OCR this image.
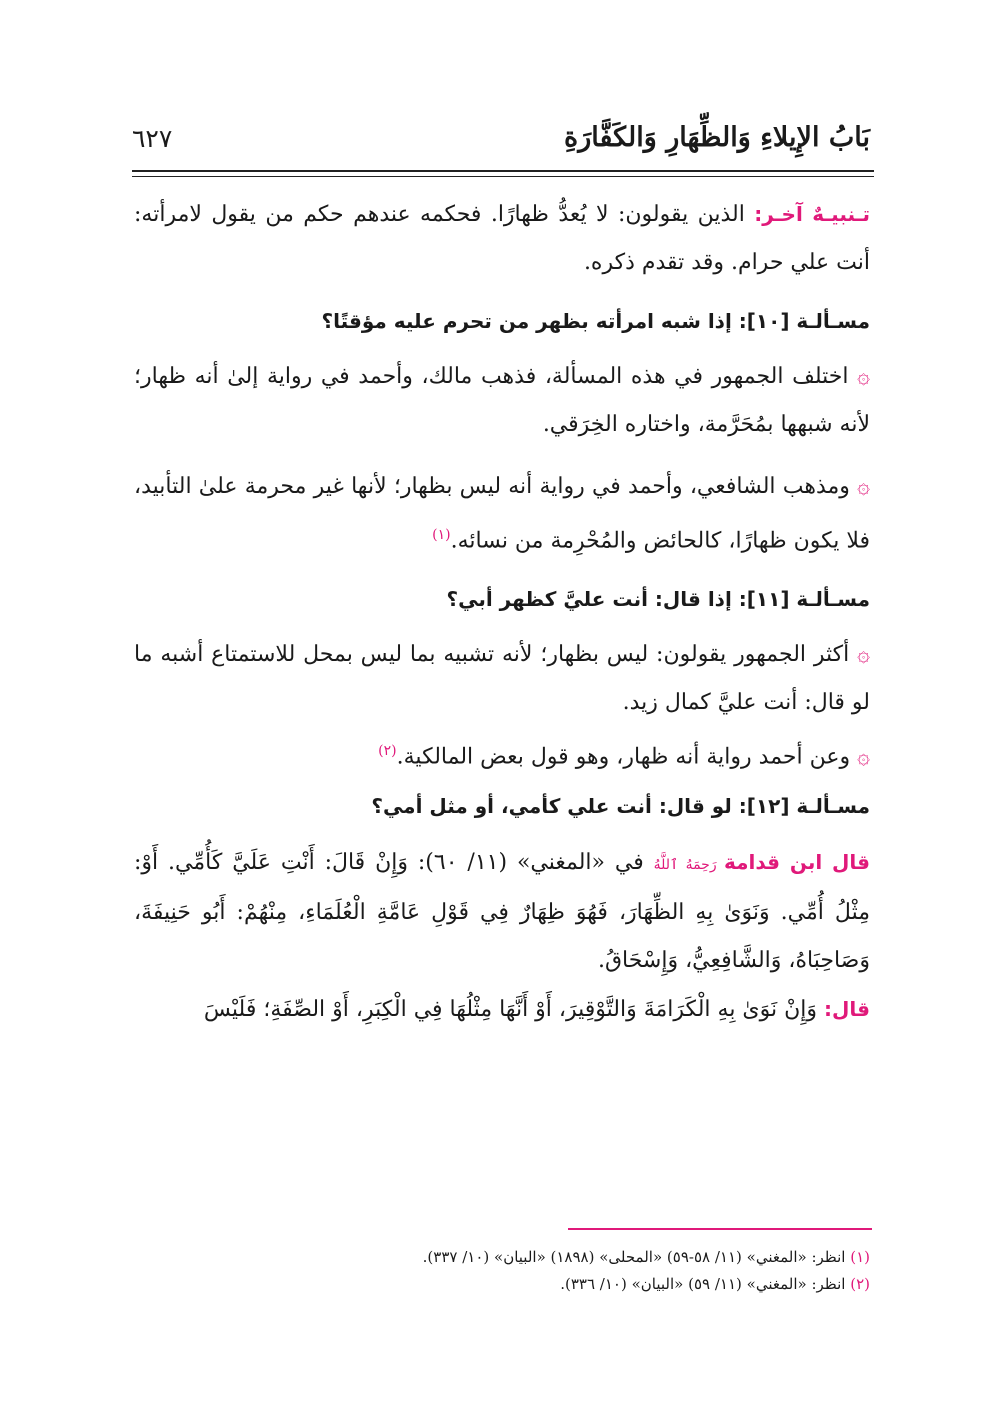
بَابُ الإِيلاءِ وَالظِّهَارِ وَالكَفَّارَةِ
٦٢٧

تـنبيـهٌ آخـر: الذين يقولون: لا يُعدُّ ظهارًا. فحكمه عندهم حكم من يقول لامرأته: أنت علي حرام. وقد تقدم ذكره.

مسـألـة [١٠]: إذا شبه امرأته بظهر من تحرم عليه مؤقتًا؟

۞ اختلف الجمهور في هذه المسألة، فذهب مالك، وأحمد في رواية إلىٰ أنه ظهار؛ لأنه شبهها بمُحَرَّمة، واختاره الخِرَقي.

۞ ومذهب الشافعي، وأحمد في رواية أنه ليس بظهار؛ لأنها غير محرمة علىٰ التأبيد، فلا يكون ظهارًا، كالحائض والمُحْرِمة من نسائه.$^{(١)}$

مسـألـة [١١]: إذا قال: أنت عليَّ كظهر أبي؟

۞ أكثر الجمهور يقولون: ليس بظهار؛ لأنه تشبيه بما ليس بمحل للاستمتاع أشبه ما لو قال: أنت عليَّ كمال زيد.

۞ وعن أحمد رواية أنه ظهار، وهو قول بعض المالكية.$^{(٢)}$

مسـألـة [١٢]: لو قال: أنت علي كأمي، أو مثل أمي؟

قال ابن قدامة رَحِمَهُ ٱللَّهُ في «المغني» (١١/ ٦٠): وَإِنْ قَالَ: أَنْتِ عَلَيَّ كَأُمِّي. أَوْ: مِثْلُ أُمِّي. وَنَوَىٰ بِهِ الظِّهَارَ، فَهُوَ ظِهَارٌ فِي قَوْلِ عَامَّةِ الْعُلَمَاءِ، مِنْهُمْ: أَبُو حَنِيفَةَ، وَصَاحِبَاهُ، وَالشَّافِعِيُّ، وَإِسْحَاقُ.

قال: وَإِنْ نَوَىٰ بِهِ الْكَرَامَةَ وَالتَّوْقِيرَ، أَوْ أَنَّهَا مِثْلُهَا فِي الْكِبَرِ، أَوْ الصِّفَةِ؛ فَلَيْسَ

(١) انظر: «المغني» (١١/ ٥٨-٥٩) «المحلى» (١٨٩٨) «البيان» (١٠/ ٣٣٧).
(٢) انظر: «المغني» (١١/ ٥٩) «البيان» (١٠/ ٣٣٦).
